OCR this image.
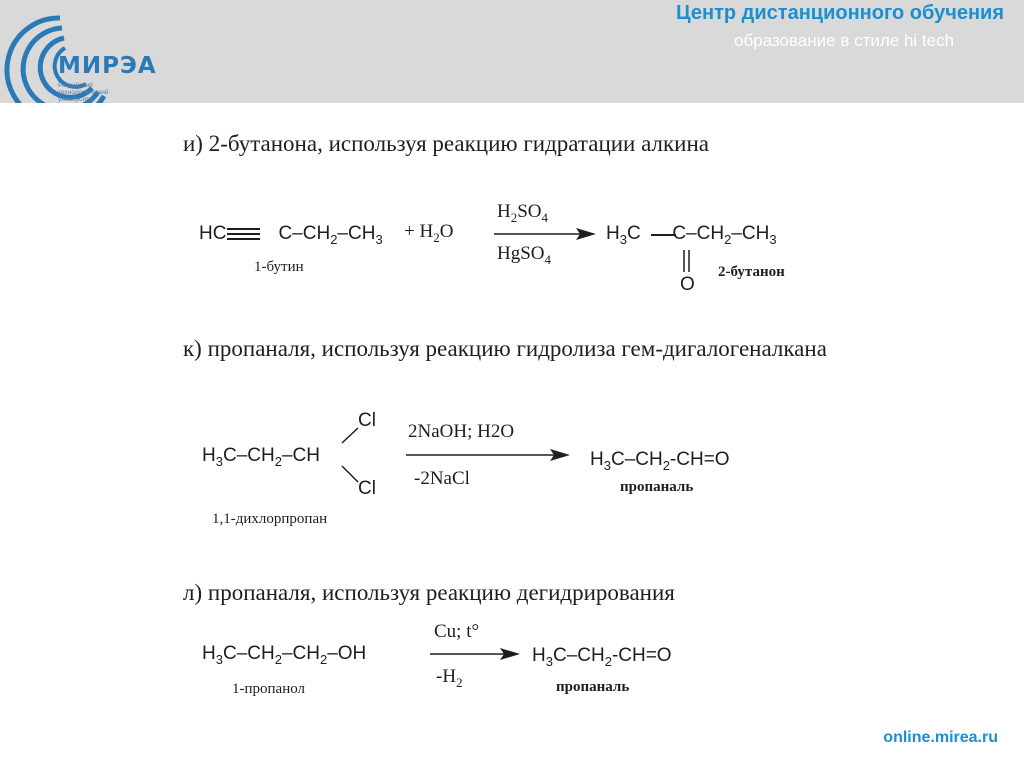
МИРЭА
Российский технологический университет
Центр дистанционного обучения
образование в стиле hi tech
и) 2-бутанона, используя реакцию гидратации алкина
HC	$C-CH_2-CH_3 + H_2O$
$H_2SO_4$
HgSO$_4$
$H_3C$      $C-CH_2-CH_3$
O
1-бутин	2-бутанон
к) пропаналя, используя реакцию гидролиза гем-дигалогеналкана
$H_3C-CH_2-CH$
Cl
Cl
2NaOH; H2O
-2NaCl
$H_3C-CH_2-CH=O$
1,1-дихлорпропан
пропаналь
л) пропаналя, используя реакцию дегидрирования
$H_3C-CH_2-CH_2-OH$
Cu; t°
$-H_2$
$H_3C-CH_2-CH=O$
1-пропанол	пропаналь
online.mirea.ru
